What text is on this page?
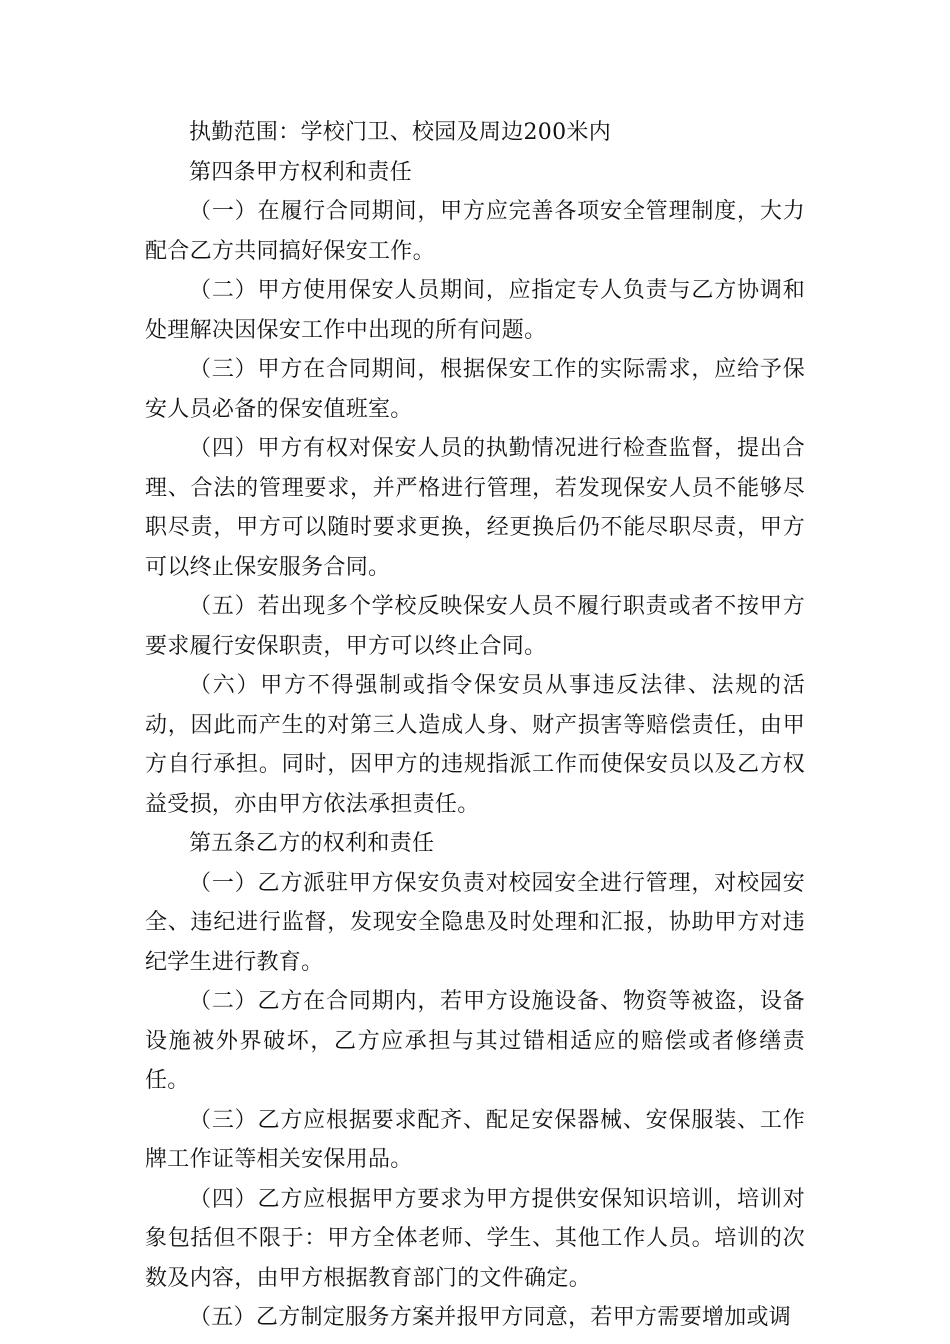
执勤范围：学校门卫、校园及周边200米内

第四条甲方权利和责任

（一）在履行合同期间，甲方应完善各项安全管理制度，大力配合乙方共同搞好保安工作。

（二）甲方使用保安人员期间，应指定专人负责与乙方协调和处理解决因保安工作中出现的所有问题。

（三）甲方在合同期间，根据保安工作的实际需求，应给予保安人员必备的保安值班室。

（四）甲方有权对保安人员的执勤情况进行检查监督，提出合理、合法的管理要求，并严格进行管理，若发现保安人员不能够尽职尽责，甲方可以随时要求更换，经更换后仍不能尽职尽责，甲方可以终止保安服务合同。

（五）若出现多个学校反映保安人员不履行职责或者不按甲方要求履行安保职责，甲方可以终止合同。

（六）甲方不得强制或指令保安员从事违反法律、法规的活动，因此而产生的对第三人造成人身、财产损害等赔偿责任，由甲方自行承担。同时，因甲方的违规指派工作而使保安员以及乙方权益受损，亦由甲方依法承担责任。

第五条乙方的权利和责任

（一）乙方派驻甲方保安负责对校园安全进行管理，对校园安全、违纪进行监督，发现安全隐患及时处理和汇报，协助甲方对违纪学生进行教育。

（二）乙方在合同期内，若甲方设施设备、物资等被盗，设备设施被外界破坏，乙方应承担与其过错相适应的赔偿或者修缮责任。

（三）乙方应根据要求配齐、配足安保器械、安保服装、工作牌工作证等相关安保用品。

（四）乙方应根据甲方要求为甲方提供安保知识培训，培训对象包括但不限于：甲方全体老师、学生、其他工作人员。培训的次数及内容，由甲方根据教育部门的文件确定。

（五）乙方制定服务方案并报甲方同意，若甲方需要增加或调
